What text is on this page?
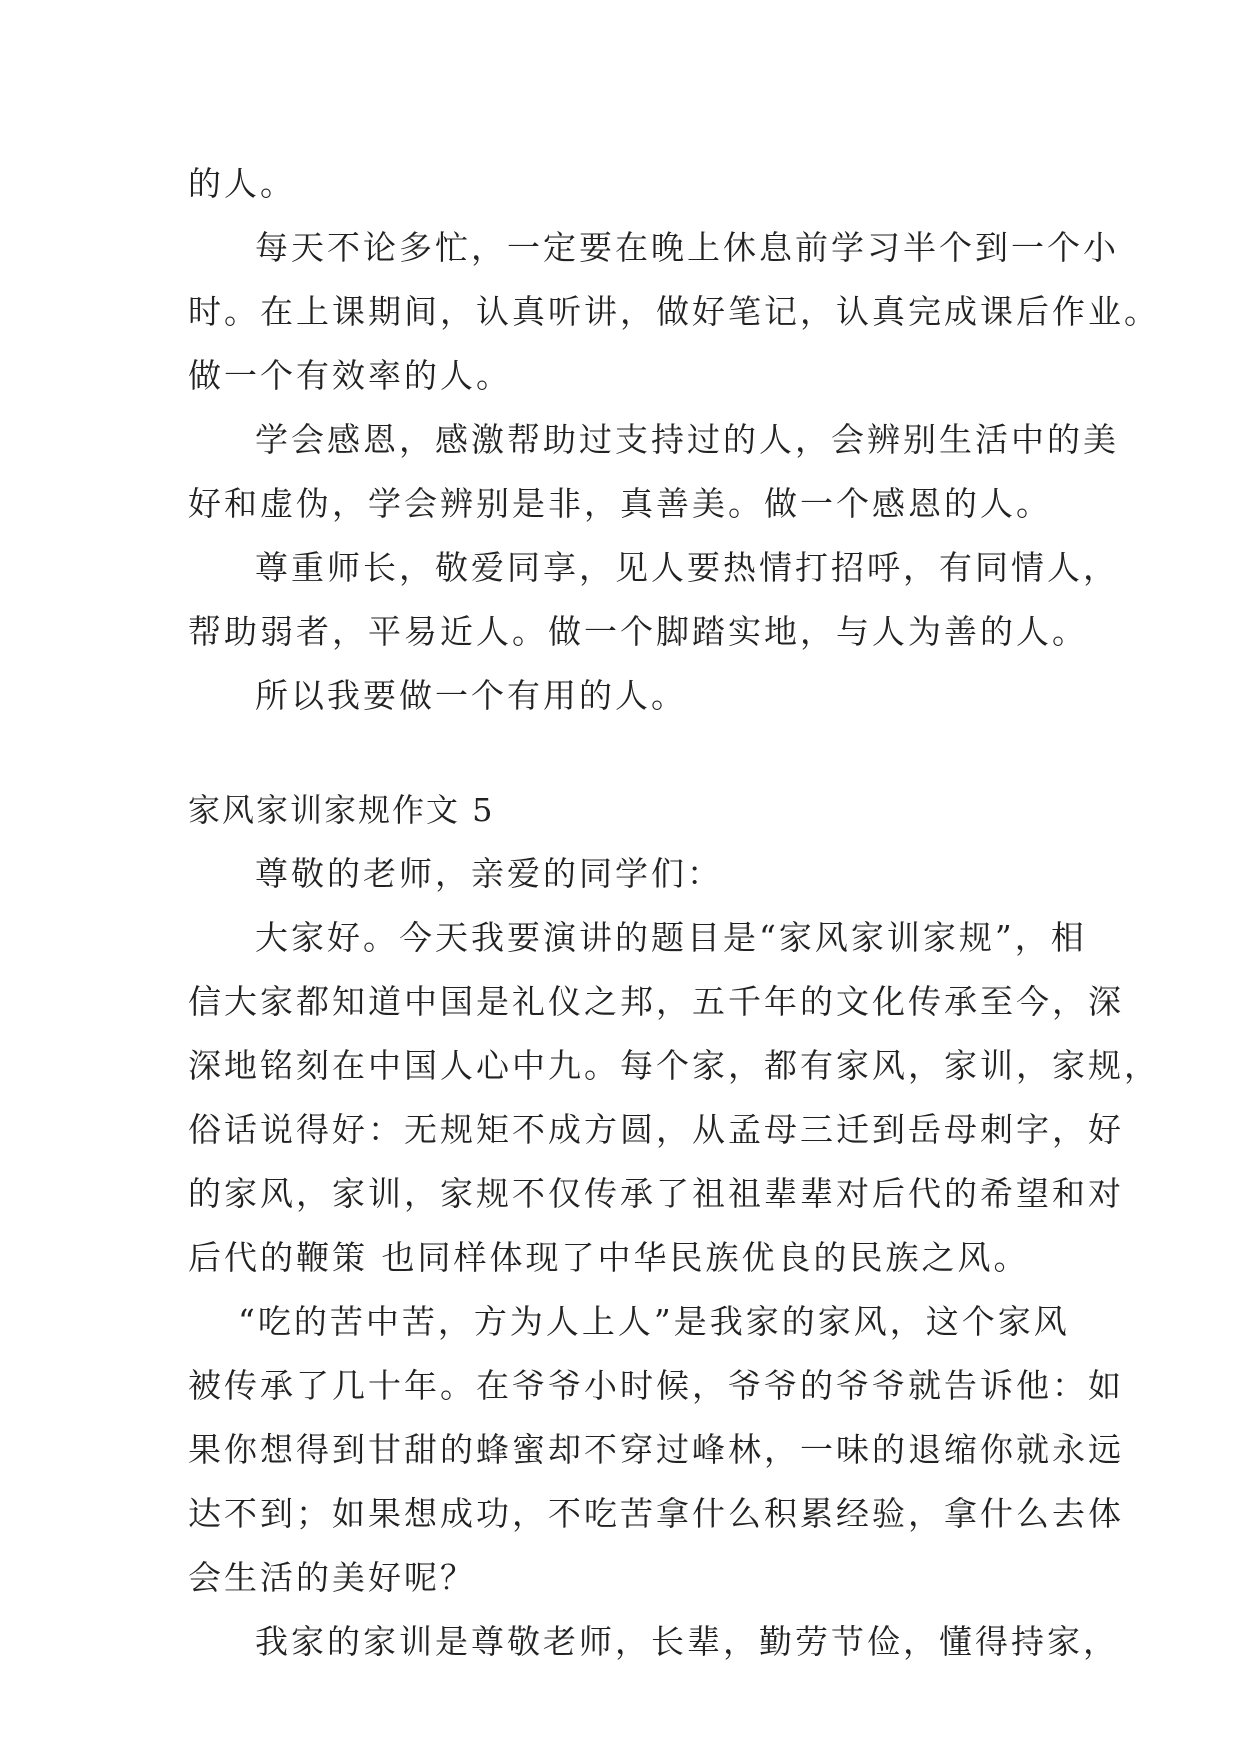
的人。
每天不论多忙，一定要在晚上休息前学习半个到一个小
时。在上课期间，认真听讲，做好笔记，认真完成课后作业。
做一个有效率的人。
学会感恩，感激帮助过支持过的人，会辨别生活中的美
好和虚伪，学会辨别是非，真善美。做一个感恩的人。
尊重师长，敬爱同享，见人要热情打招呼，有同情人，
帮助弱者，平易近人。做一个脚踏实地，与人为善的人。
所以我要做一个有用的人。
家风家训家规作文 5
尊敬的老师，亲爱的同学们：
大家好。今天我要演讲的题目是“家风家训家规”，相
信大家都知道中国是礼仪之邦，五千年的文化传承至今，深
深地铭刻在中国人心中九。每个家，都有家风，家训，家规，
俗话说得好：无规矩不成方圆，从孟母三迁到岳母刺字，好
的家风，家训，家规不仅传承了祖祖辈辈对后代的希望和对
后代的鞭策 也同样体现了中华民族优良的民族之风。
“吃的苦中苦，方为人上人”是我家的家风，这个家风
被传承了几十年。在爷爷小时候，爷爷的爷爷就告诉他：如
果你想得到甘甜的蜂蜜却不穿过峰林，一味的退缩你就永远
达不到；如果想成功，不吃苦拿什么积累经验，拿什么去体
会生活的美好呢？
我家的家训是尊敬老师，长辈，勤劳节俭，懂得持家，
